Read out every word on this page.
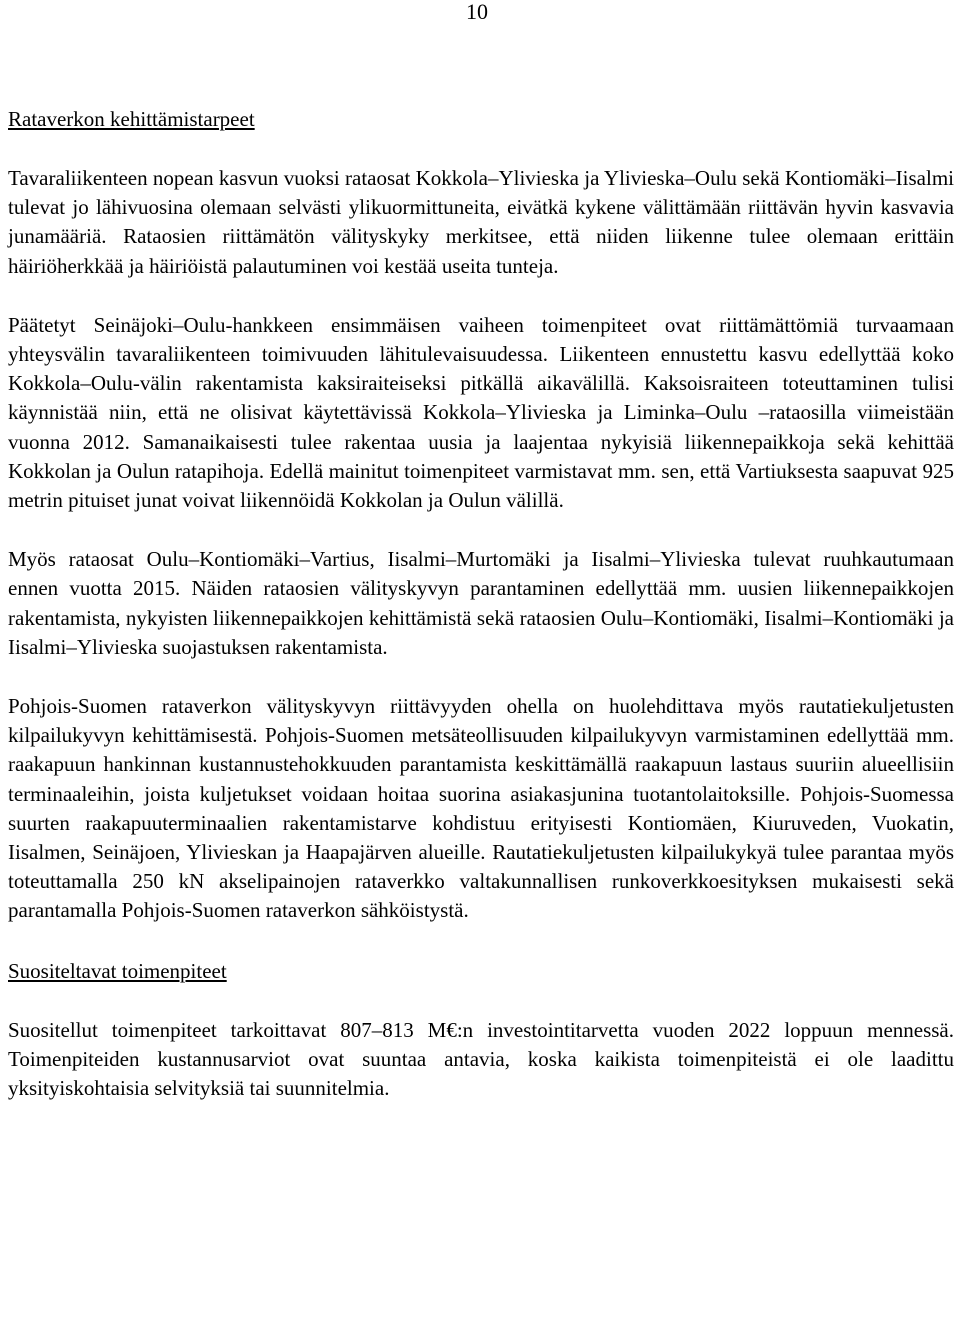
10
Rataverkon kehittämistarpeet

Tavaraliikenteen nopean kasvun vuoksi rataosat Kokkola–Ylivieska ja Ylivieska–Oulu sekä Kontiomäki–Iisalmi tulevat jo lähivuosina olemaan selvästi ylikuormittuneita, eivätkä kykene välittämään riittävän hyvin kasvavia junamääriä. Rataosien riittämätön välityskyky merkitsee, että niiden liikenne tulee olemaan erittäin häiriöherkkää ja häiriöistä palautuminen voi kestää useita tunteja.

Päätetyt Seinäjoki–Oulu-hankkeen ensimmäisen vaiheen toimenpiteet ovat riittämättömiä turvaamaan yhteysvälin tavaraliikenteen toimivuuden lähitulevaisuudessa. Liikenteen ennustettu kasvu edellyttää koko Kokkola–Oulu-välin rakentamista kaksiraiteiseksi pitkällä aikavälillä. Kaksoisraiteen toteuttaminen tulisi käynnistää niin, että ne olisivat käytettävissä Kokkola–Ylivieska ja Liminka–Oulu –rataosilla viimeistään vuonna 2012. Samanaikaisesti tulee rakentaa uusia ja laajentaa nykyisiä liikennepaikkoja sekä kehittää Kokkolan ja Oulun ratapihoja. Edellä mainitut toimenpiteet varmistavat mm. sen, että Vartiuksesta saapuvat 925 metrin pituiset junat voivat liikennöidä Kokkolan ja Oulun välillä.

Myös rataosat Oulu–Kontiomäki–Vartius, Iisalmi–Murtomäki ja Iisalmi–Ylivieska tulevat ruuhkautumaan ennen vuotta 2015. Näiden rataosien välityskyvyn parantaminen edellyttää mm. uusien liikennepaikkojen rakentamista, nykyisten liikennepaikkojen kehittämistä sekä rataosien Oulu–Kontiomäki, Iisalmi–Kontiomäki ja Iisalmi–Ylivieska suojastuksen rakentamista.

Pohjois-Suomen rataverkon välityskyvyn riittävyyden ohella on huolehdittava myös rautatiekuljetusten kilpailukyvyn kehittämisestä. Pohjois-Suomen metsäteollisuuden kilpailukyvyn varmistaminen edellyttää mm. raakapuun hankinnan kustannustehokkuuden parantamista keskittämällä raakapuun lastaus suuriin alueellisiin terminaaleihin, joista kuljetukset voidaan hoitaa suorina asiakasjunina tuotantolaitoksille. Pohjois-Suomessa suurten raakapuuterminaalien rakentamistarve kohdistuu erityisesti Kontiomäen, Kiuruveden, Vuokatin, Iisalmen, Seinäjoen, Ylivieskan ja Haapajärven alueille. Rautatiekuljetusten kilpailukykyä tulee parantaa myös toteuttamalla 250 kN akselipainojen rataverkko valtakunnallisen runkoverkkoesityksen mukaisesti sekä parantamalla Pohjois-Suomen rataverkon sähköistystä.

Suositeltavat toimenpiteet

Suositellut toimenpiteet tarkoittavat 807–813 M€:n investointitarvetta vuoden 2022 loppuun mennessä. Toimenpiteiden kustannusarviot ovat suuntaa antavia, koska kaikista toimenpiteistä ei ole laadittu yksityiskohtaisia selvityksiä tai suunnitelmia.
